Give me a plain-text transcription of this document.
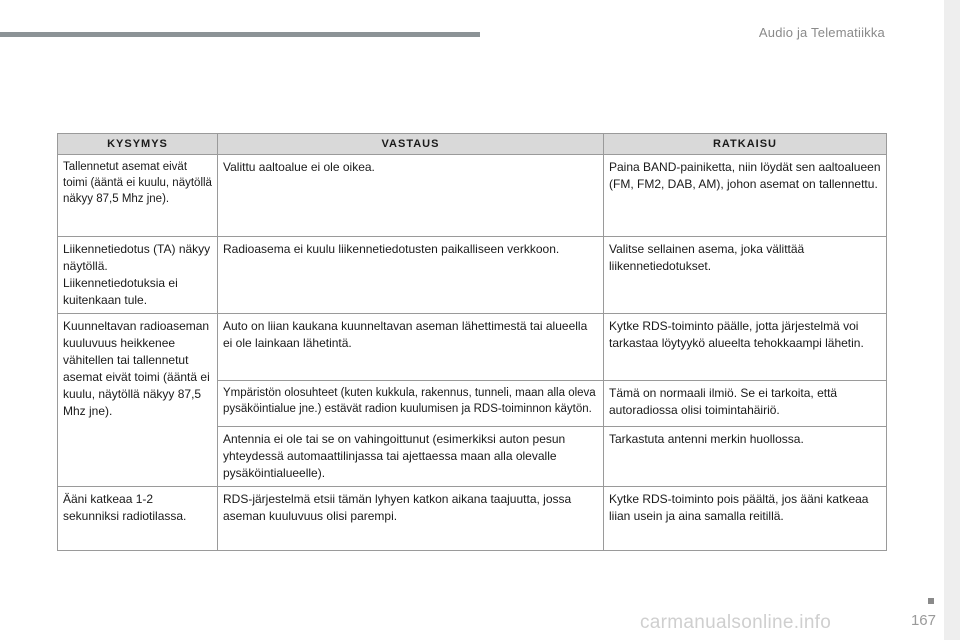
Audio ja Telematiikka
KYSYMYS	VASTAUS	RATKAISU
Tallennetut asemat eivät toimi (ääntä ei kuulu, näytöllä näkyy 87,5 Mhz jne).	Valittu aaltoalue ei ole oikea.	Paina BAND-painiketta, niin löydät sen aaltoalueen (FM, FM2, DAB, AM), johon asemat on tallennettu.
Liikennetiedotus (TA) näkyy näytöllä. Liikennetiedotuksia ei kuitenkaan tule.	Radioasema ei kuulu liikennetiedotusten paikalliseen verkkoon.	Valitse sellainen asema, joka välittää liikennetiedotukset.
Kuunneltavan radioaseman kuuluvuus heikkenee vähitellen tai tallennetut asemat eivät toimi (ääntä ei kuulu, näytöllä näkyy 87,5 Mhz jne).	Auto on liian kaukana kuunneltavan aseman lähettimestä tai alueella ei ole lainkaan lähetintä.	Kytke RDS-toiminto päälle, jotta järjestelmä voi tarkastaa löytyykö alueelta tehokkaampi lähetin.
	Ympäristön olosuhteet (kuten kukkula, rakennus, tunneli, maan alla oleva pysäköintialue jne.) estävät radion kuulumisen ja RDS-toiminnon käytön.	Tämä on normaali ilmiö. Se ei tarkoita, että autoradiossa olisi toimintahäiriö.
	Antennia ei ole tai se on vahingoittunut (esimerkiksi auton pesun yhteydessä automaattilinjassa tai ajettaessa maan alla olevalle pysäköintialueelle).	Tarkastuta antenni merkin huollossa.
Ääni katkeaa 1-2 sekunniksi radiotilassa.	RDS-järjestelmä etsii tämän lyhyen katkon aikana taajuutta, jossa aseman kuuluvuus olisi parempi.	Kytke RDS-toiminto pois päältä, jos ääni katkeaa liian usein ja aina samalla reitillä.
carmanualsonline.info	167
